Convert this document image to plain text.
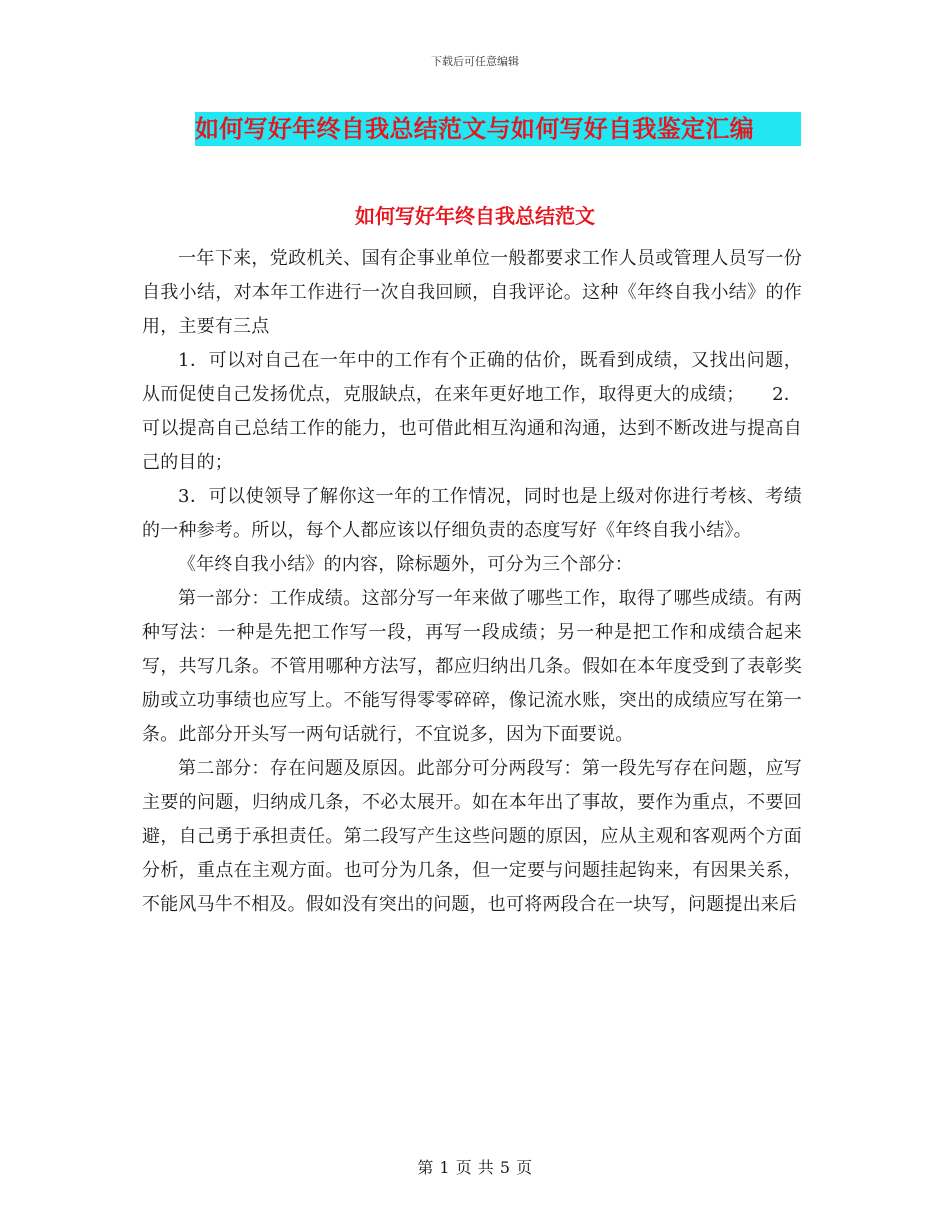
下载后可任意编辑
如何写好年终自我总结范文与如何写好自我鉴定汇编
如何写好年终自我总结范文

一年下来，党政机关、国有企事业单位一般都要求工作人员或管理人员写一份自我小结，对本年工作进行一次自我回顾，自我评论。这种《年终自我小结》的作用，主要有三点

1．可以对自己在一年中的工作有个正确的估价，既看到成绩，又找出问题，从而促使自己发扬优点，克服缺点，在来年更好地工作，取得更大的成绩；　　2．可以提高自己总结工作的能力，也可借此相互沟通和沟通，达到不断改进与提高自己的目的；

3．可以使领导了解你这一年的工作情况，同时也是上级对你进行考核、考绩的一种参考。所以，每个人都应该以仔细负责的态度写好《年终自我小结》。

《年终自我小结》的内容，除标题外，可分为三个部分：

第一部分：工作成绩。这部分写一年来做了哪些工作，取得了哪些成绩。有两种写法：一种是先把工作写一段，再写一段成绩；另一种是把工作和成绩合起来写，共写几条。不管用哪种方法写，都应归纳出几条。假如在本年度受到了表彰奖励或立功事绩也应写上。不能写得零零碎碎，像记流水账，突出的成绩应写在第一条。此部分开头写一两句话就行，不宜说多，因为下面要说。

第二部分：存在问题及原因。此部分可分两段写：第一段先写存在问题，应写主要的问题，归纳成几条，不必太展开。如在本年出了事故，要作为重点，不要回避，自己勇于承担责任。第二段写产生这些问题的原因，应从主观和客观两个方面分析，重点在主观方面。也可分为几条，但一定要与问题挂起钩来，有因果关系，不能风马牛不相及。假如没有突出的问题，也可将两段合在一块写，问题提出来后

第 1 页 共 5 页
